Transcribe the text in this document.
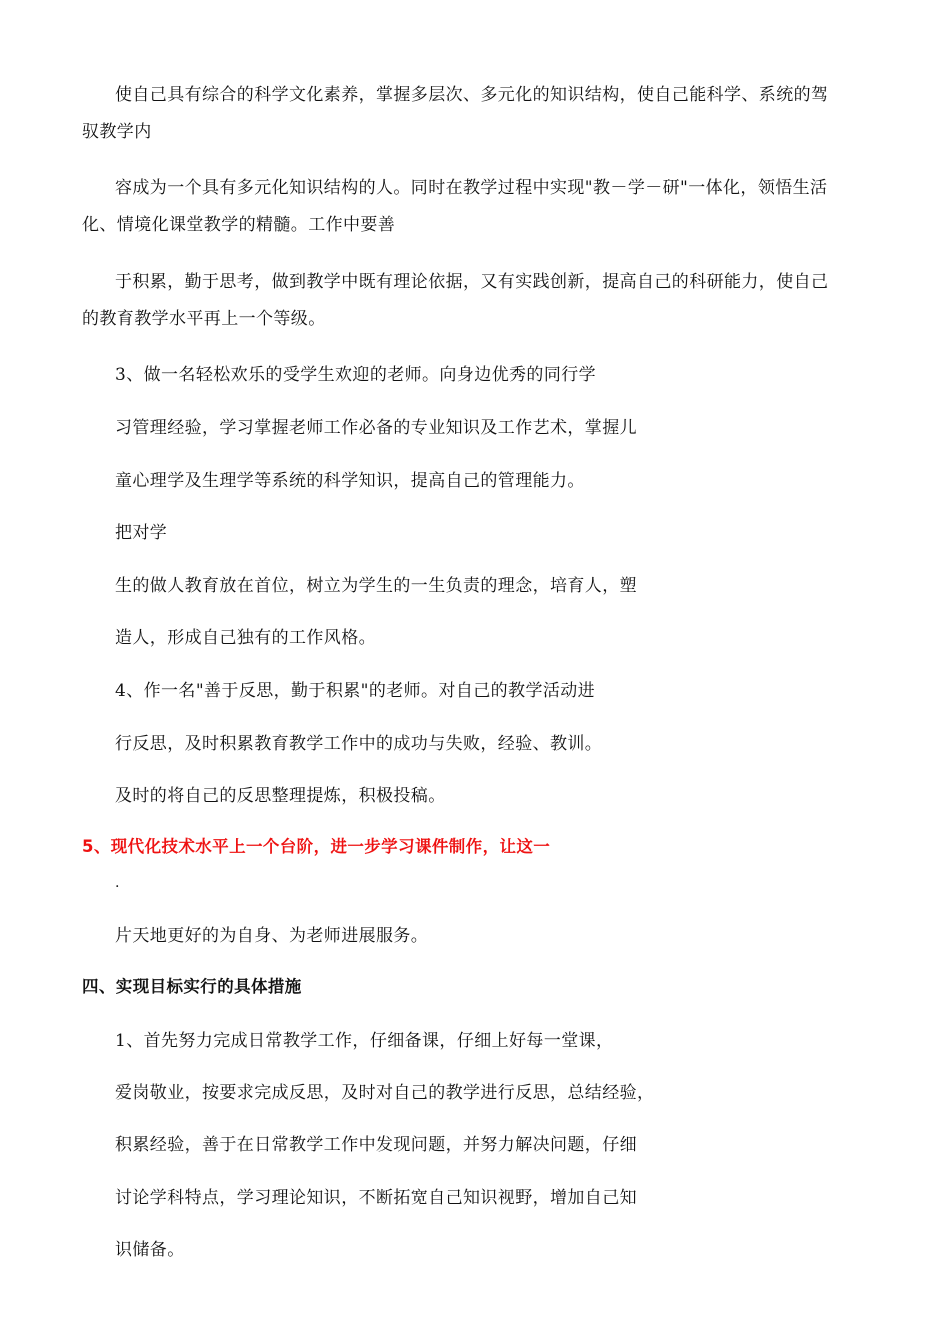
使自己具有综合的科学文化素养，掌握多层次、多元化的知识结构，使自己能科学、系统的驾
驭教学内
容成为一个具有多元化知识结构的人。同时在教学过程中实现"教－学－研"一体化，领悟生活
化、情境化课堂教学的精髓。工作中要善
于积累，勤于思考，做到教学中既有理论依据，又有实践创新，提高自己的科研能力，使自己
的教育教学水平再上一个等级。
3、做一名轻松欢乐的受学生欢迎的老师。向身边优秀的同行学
习管理经验，学习掌握老师工作必备的专业知识及工作艺术，掌握儿
童心理学及生理学等系统的科学知识，提高自己的管理能力。
把对学
生的做人教育放在首位，树立为学生的一生负责的理念，培育人，塑
造人，形成自己独有的工作风格。
4、作一名"善于反思，勤于积累"的老师。对自己的教学活动进
行反思，及时积累教育教学工作中的成功与失败，经验、教训。
及时的将自己的反思整理提炼，积极投稿。
5、现代化技术水平上一个台阶，进一步学习课件制作，让这一
.
片天地更好的为自身、为老师进展服务。
四、实现目标实行的具体措施
1、首先努力完成日常教学工作，仔细备课，仔细上好每一堂课，
爱岗敬业，按要求完成反思，及时对自己的教学进行反思，总结经验，
积累经验，善于在日常教学工作中发现问题，并努力解决问题，仔细
讨论学科特点，学习理论知识，不断拓宽自己知识视野，增加自己知
识储备。
